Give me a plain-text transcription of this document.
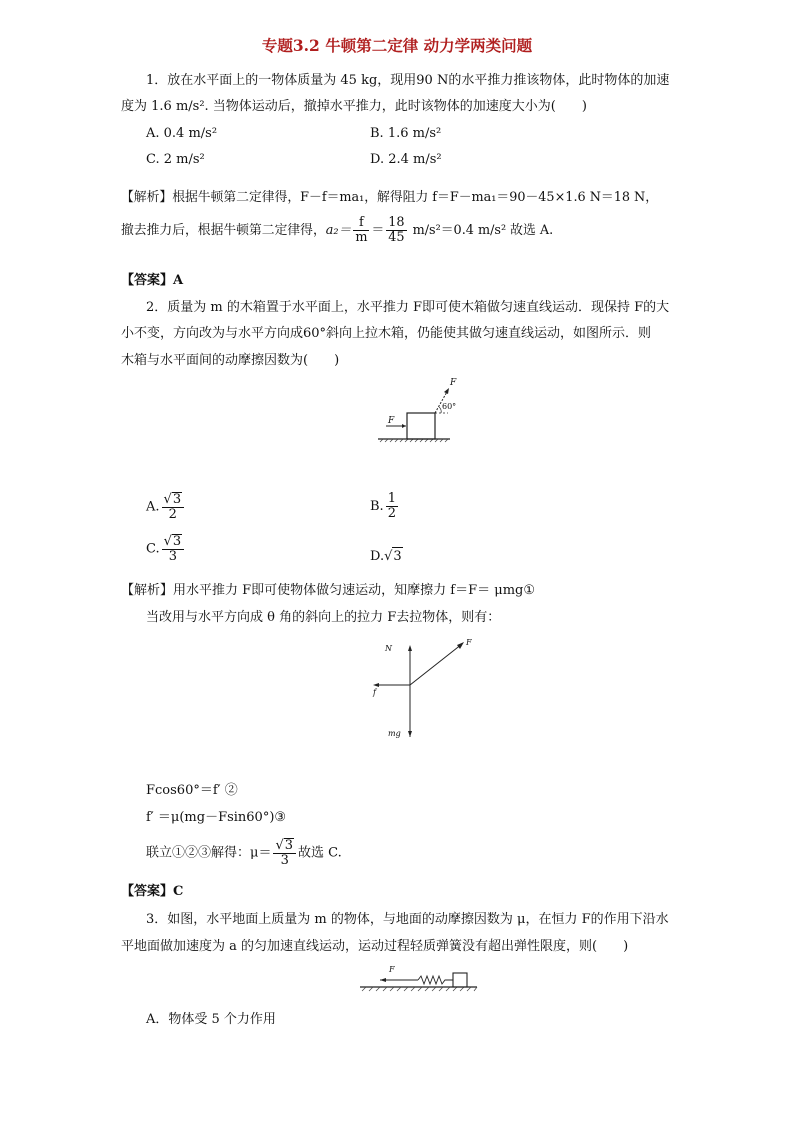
专题3.2 牛顿第二定律 动力学两类问题
1．放在水平面上的一物体质量为 45 kg，现用90 N的水平推力推该物体，此时物体的加速
度为 1.6 m/s². 当物体运动后，撤掉水平推力，此时该物体的加速度大小为(　　)
A. 0.4 m/s²	B. 1.6 m/s²
C. 2 m/s²	D. 2.4 m/s²
【解析】根据牛顿第二定律得，F－f＝ma₁，解得阻力 f＝F－ma₁＝90－45×1.6 N＝18 N，
撤去推力后，根据牛顿第二定律得，$a_2= \frac{f}{m} = \frac{18}{45} m/s^2=0.4$ m/s² 故选 A.
【答案】A
2．质量为 m 的木箱置于水平面上，水平推力 F即可使木箱做匀速直线运动．现保持 F的大
小不变，方向改为与水平方向成60°斜向上拉木箱，仍能使其做匀速直线运动，如图所示．则
木箱与水平面间的动摩擦因数为(　　)
F
60°
F
A. $\frac{√3}{2}$	B. $\frac{1}{2}$
C. $\frac{√3}{3}$	D.√3
【解析】用水平推力 F即可使物体做匀速运动，知摩擦力 f＝F＝ μmg①
当改用与水平方向成 θ 角的斜向上的拉力 F去拉物体，则有：
N
F
f
mg
Fcos60°＝f′ ②
f′ ＝μ(mg－Fsin60°)③
联立①②③解得：$\mu= \frac{√3}{3}$ 故选 C.
【答案】C
3．如图，水平地面上质量为 m 的物体，与地面的动摩擦因数为 μ，在恒力 F的作用下沿水
平地面做加速度为 a 的匀加速直线运动，运动过程轻质弹簧没有超出弹性限度，则(　　)
F
A．物体受 5 个力作用
